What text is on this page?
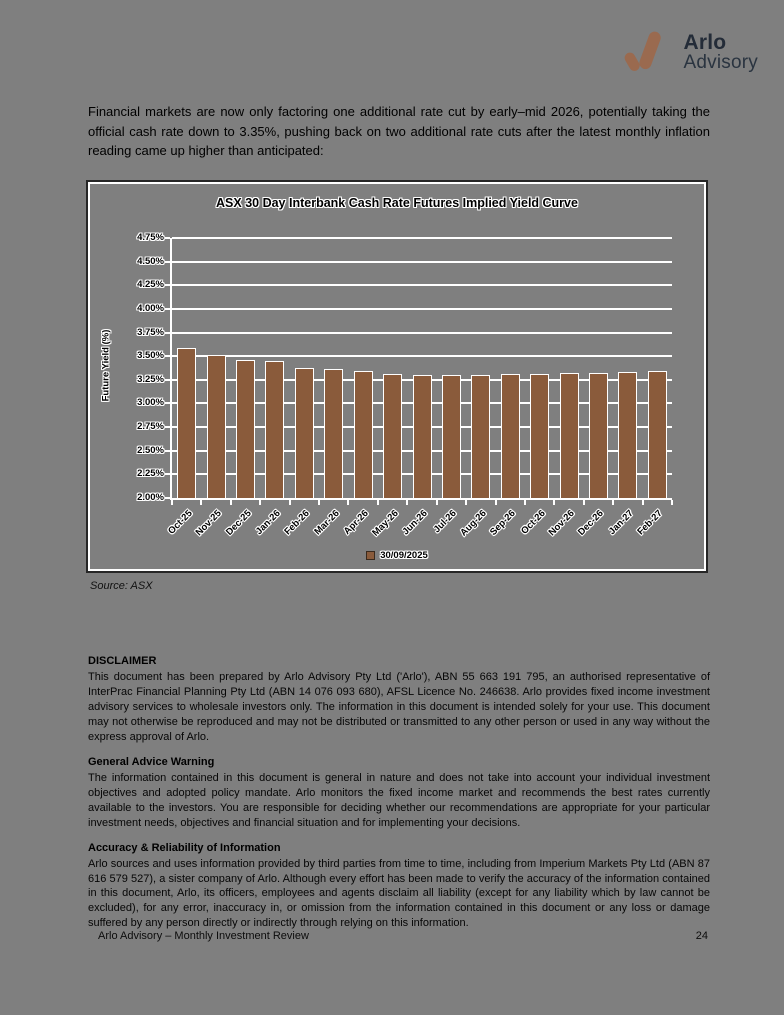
Arlo
Advisory
Financial markets are now only factoring one additional rate cut by early–mid 2026, potentially taking the official cash rate down to 3.35%, pushing back on two additional rate cuts after the latest monthly inflation reading came up higher than anticipated:
ASX 30 Day Interbank Cash Rate Futures Implied Yield Curve
4.75%
4.50%
4.25%
4.00%
3.75%
3.50%
3.25%
3.00%
2.75%
2.50%
2.25%
2.00%
Oct-25 Nov-25 Dec-25 Jan-26 Feb-26 Mar-26 Apr-26
May-26 Jun-26 Jul-26
Aug-26 Sep-26 Oct-26 Nov-26 Dec-26 Jan-27 Feb-27
Future Yield (%)
30/09/2025
Source: ASX
DISCLAIMER

This document has been prepared by Arlo Advisory Pty Ltd ('Arlo'), ABN 55 663 191 795, an authorised representative of InterPrac Financial Planning Pty Ltd (ABN 14 076 093 680), AFSL Licence No. 246638. Arlo provides fixed income investment advisory services to wholesale investors only. The information in this document is intended solely for your use. This document may not otherwise be reproduced and may not be distributed or transmitted to any other person or used in any way without the express approval of Arlo.

General Advice Warning

The information contained in this document is general in nature and does not take into account your individual investment objectives and adopted policy mandate. Arlo monitors the fixed income market and recommends the best rates currently available to the investors. You are responsible for deciding whether our recommendations are appropriate for your particular investment needs, objectives and financial situation and for implementing your decisions.

Accuracy & Reliability of Information

Arlo sources and uses information provided by third parties from time to time, including from Imperium Markets Pty Ltd (ABN 87 616 579 527), a sister company of Arlo. Although every effort has been made to verify the accuracy of the information contained in this document, Arlo, its officers, employees and agents disclaim all liability (except for any liability which by law cannot be excluded), for any error, inaccuracy in, or omission from the information contained in this document or any loss or damage suffered by any person directly or indirectly through relying on this information.

Arlo Advisory – Monthly Investment Review	24
